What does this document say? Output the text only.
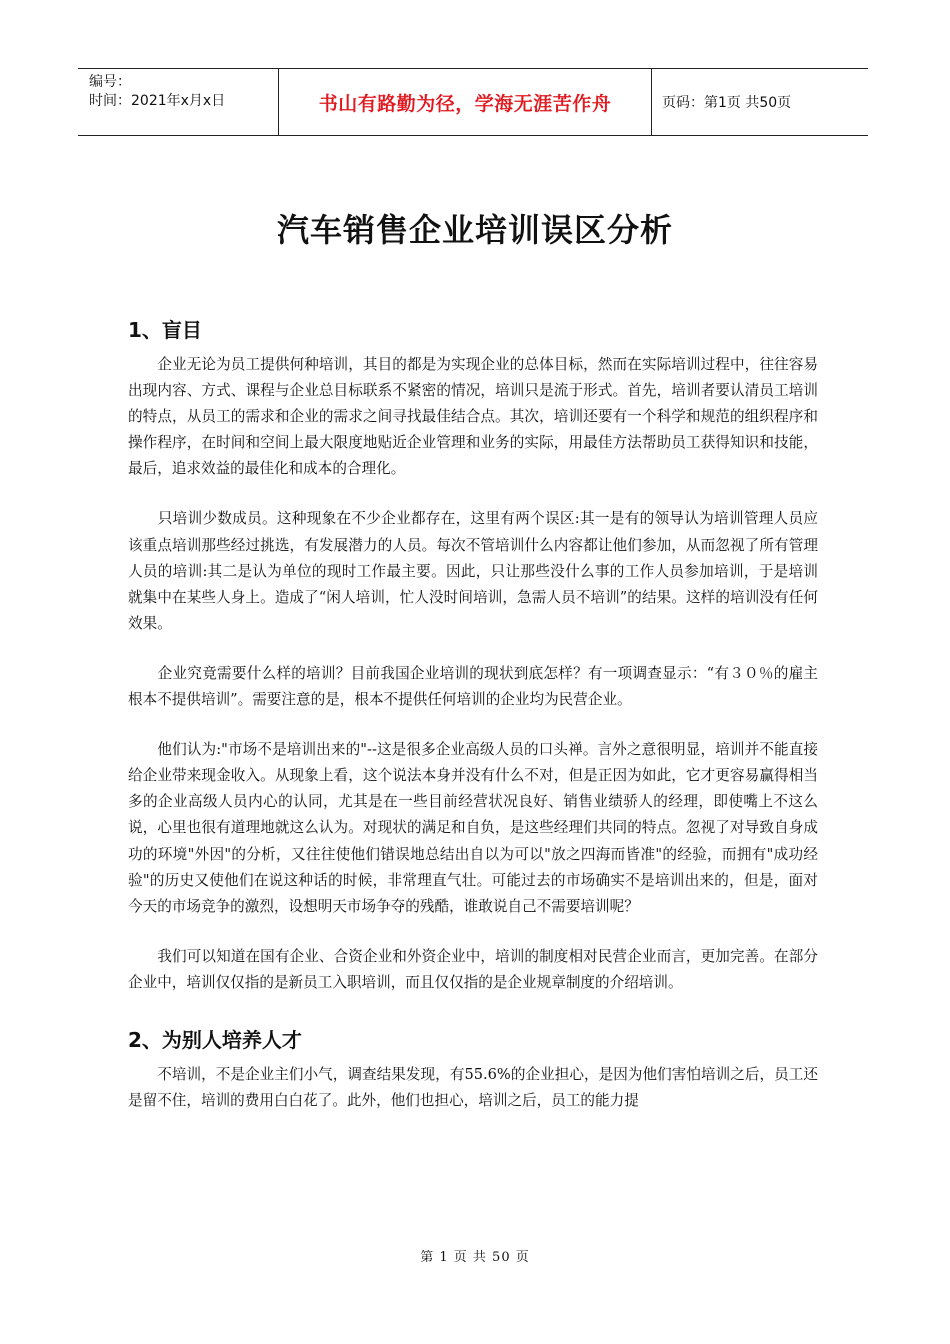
编号：
时间：2021年x月x日	书山有路勤为径，学海无涯苦作舟	页码：第1页 共50页
汽车销售企业培训误区分析
1、盲目

　　企业无论为员工提供何种培训，其目的都是为实现企业的总体目标，然而在实际培训过程中，往往容易出现内容、方式、课程与企业总目标联系不紧密的情况，培训只是流于形式。首先，培训者要认清员工培训的特点，从员工的需求和企业的需求之间寻找最佳结合点。其次，培训还要有一个科学和规范的组织程序和操作程序，在时间和空间上最大限度地贴近企业管理和业务的实际，用最佳方法帮助员工获得知识和技能，最后，追求效益的最佳化和成本的合理化。

　　只培训少数成员。这种现象在不少企业都存在，这里有两个误区:其一是有的领导认为培训管理人员应该重点培训那些经过挑选，有发展潜力的人员。每次不管培训什么内容都让他们参加，从而忽视了所有管理人员的培训:其二是认为单位的现时工作最主要。因此，只让那些没什么事的工作人员参加培训，于是培训就集中在某些人身上。造成了“闲人培训，忙人没时间培训，急需人员不培训”的结果。这样的培训没有任何效果。

　　企业究竟需要什么样的培训？目前我国企业培训的现状到底怎样？有一项调查显示：“有３０％的雇主根本不提供培训”。需要注意的是，根本不提供任何培训的企业均为民营企业。

　　他们认为:"市场不是培训出来的"--这是很多企业高级人员的口头禅。言外之意很明显，培训并不能直接给企业带来现金收入。从现象上看，这个说法本身并没有什么不对，但是正因为如此，它才更容易赢得相当多的企业高级人员内心的认同，尤其是在一些目前经营状况良好、销售业绩骄人的经理，即使嘴上不这么说，心里也很有道理地就这么认为。对现状的满足和自负，是这些经理们共同的特点。忽视了对导致自身成功的环境"外因"的分析，又往往使他们错误地总结出自以为可以"放之四海而皆准"的经验，而拥有"成功经验"的历史又使他们在说这种话的时候，非常理直气壮。可能过去的市场确实不是培训出来的，但是，面对今天的市场竞争的激烈，设想明天市场争夺的残酷，谁敢说自己不需要培训呢？

　　我们可以知道在国有企业、合资企业和外资企业中，培训的制度相对民营企业而言，更加完善。在部分企业中，培训仅仅指的是新员工入职培训，而且仅仅指的是企业规章制度的介绍培训。

2、为别人培养人才

　　不培训，不是企业主们小气，调查结果发现，有55.6%的企业担心，是因为他们害怕培训之后，员工还是留不住，培训的费用白白花了。此外，他们也担心，培训之后，员工的能力提

第 1 页 共 50 页
